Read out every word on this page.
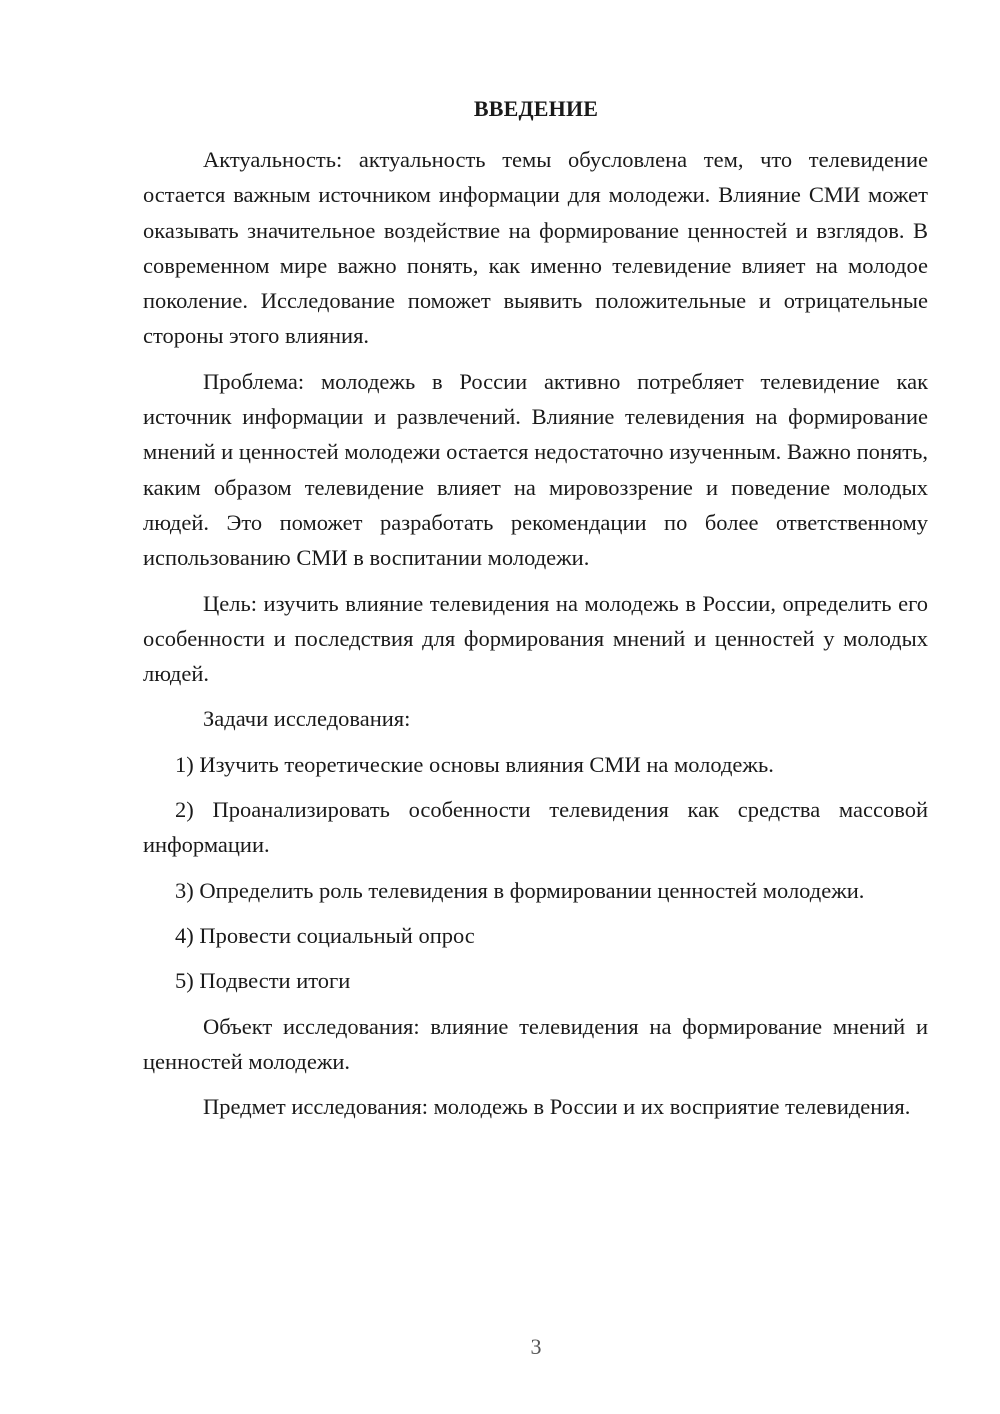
ВВЕДЕНИЕ

Актуальность: актуальность темы обусловлена тем, что телевидение остается важным источником информации для молодежи. Влияние СМИ может оказывать значительное воздействие на формирование ценностей и взглядов. В современном мире важно понять, как именно телевидение влияет на молодое поколение. Исследование поможет выявить положительные и отрицательные стороны этого влияния.

Проблема: молодежь в России активно потребляет телевидение как источник информации и развлечений. Влияние телевидения на формирование мнений и ценностей молодежи остается недостаточно изученным. Важно понять, каким образом телевидение влияет на мировоззрение и поведение молодых людей. Это поможет разработать рекомендации по более ответственному использованию СМИ в воспитании молодежи.

Цель: изучить влияние телевидения на молодежь в России, определить его особенности и последствия для формирования мнений и ценностей у молодых людей.

Задачи исследования:

1) Изучить теоретические основы влияния СМИ на молодежь.

2) Проанализировать особенности телевидения как средства массовой информации.

3) Определить роль телевидения в формировании ценностей молодежи.

4) Провести социальный опрос

5) Подвести итоги

Объект исследования: влияние телевидения на формирование мнений и ценностей молодежи.

Предмет исследования: молодежь в России и их восприятие телевидения.

3
